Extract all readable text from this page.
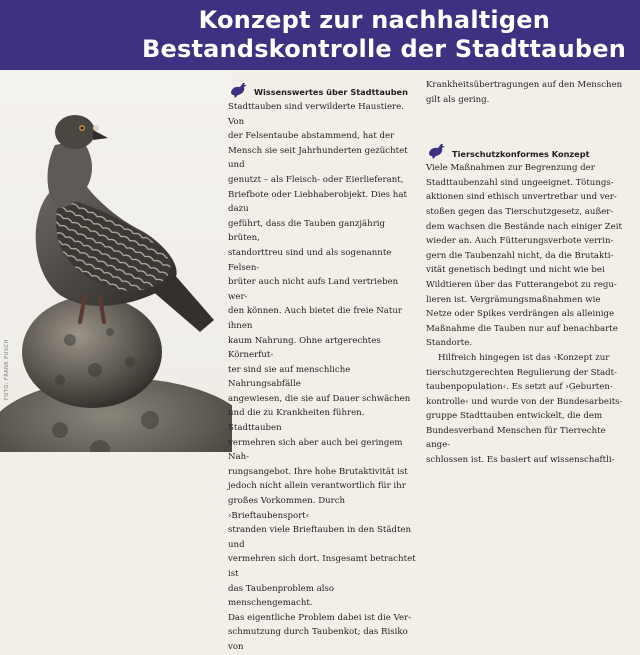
Konzept zur nachhaltigen
Bestandskontrolle der Stadttauben
FOTO: FRANK PUSCH
Wissenswertes über Stadttauben

Stadttauben sind verwilderte Haustiere. Von

der Felsentaube abstammend, hat der

Mensch sie seit Jahrhunderten gezüchtet und

genutzt – als Fleisch- oder Eierlieferant,

Briefbote oder Liebhaberobjekt. Dies hat dazu

geführt, dass die Tauben ganzjährig brüten,

standorttreu sind und als sogenannte Felsen-

brüter auch nicht aufs Land vertrieben wer-

den können. Auch bietet die freie Natur ihnen

kaum Nahrung. Ohne artgerechtes Körnerfut-

ter sind sie auf menschliche Nahrungsabfälle

angewiesen, die sie auf Dauer schwächen

und die zu Krankheiten führen. Stadttauben

vermehren sich aber auch bei geringem Nah-

rungsangebot. Ihre hohe Brutaktivität ist

jedoch nicht allein verantwortlich für ihr

großes Vorkommen. Durch ›Brieftaubensport‹

stranden viele Brieftauben in den Städten und

vermehren sich dort. Insgesamt betrachtet ist

das Taubenproblem also menschengemacht.

Das eigentliche Problem dabei ist die Ver-

schmutzung durch Taubenkot; das Risiko von

Krankheitsübertragungen auf den Menschen

gilt als gering.

Tierschutzkonformes Konzept

Viele Maßnahmen zur Begrenzung der

Stadttaubenzahl sind ungeeignet. Tötungs-

aktionen sind ethisch unvertretbar und ver-

stoßen gegen das Tierschutzgesetz, außer-

dem wachsen die Bestände nach einiger Zeit

wieder an. Auch Fütterungsverbote verrin-

gern die Taubenzahl nicht, da die Brutakti-

vität genetisch bedingt und nicht wie bei

Wildtieren über das Futterangebot zu regu-

lieren ist. Vergrämungsmaßnahmen wie

Netze oder Spikes verdrängen als alleinige

Maßnahme die Tauben nur auf benachbarte

Standorte.

Hilfreich hingegen ist das ›Konzept zur

tierschutzgerechten Regulierung der Stadt-

taubenpopulation‹. Es setzt auf ›Geburten-

kontrolle‹ und wurde von der Bundesarbeits-

gruppe Stadttauben entwickelt, die dem

Bundesverband Menschen für Tierrechte ange-

schlossen ist. Es basiert auf wissenschaftli-
